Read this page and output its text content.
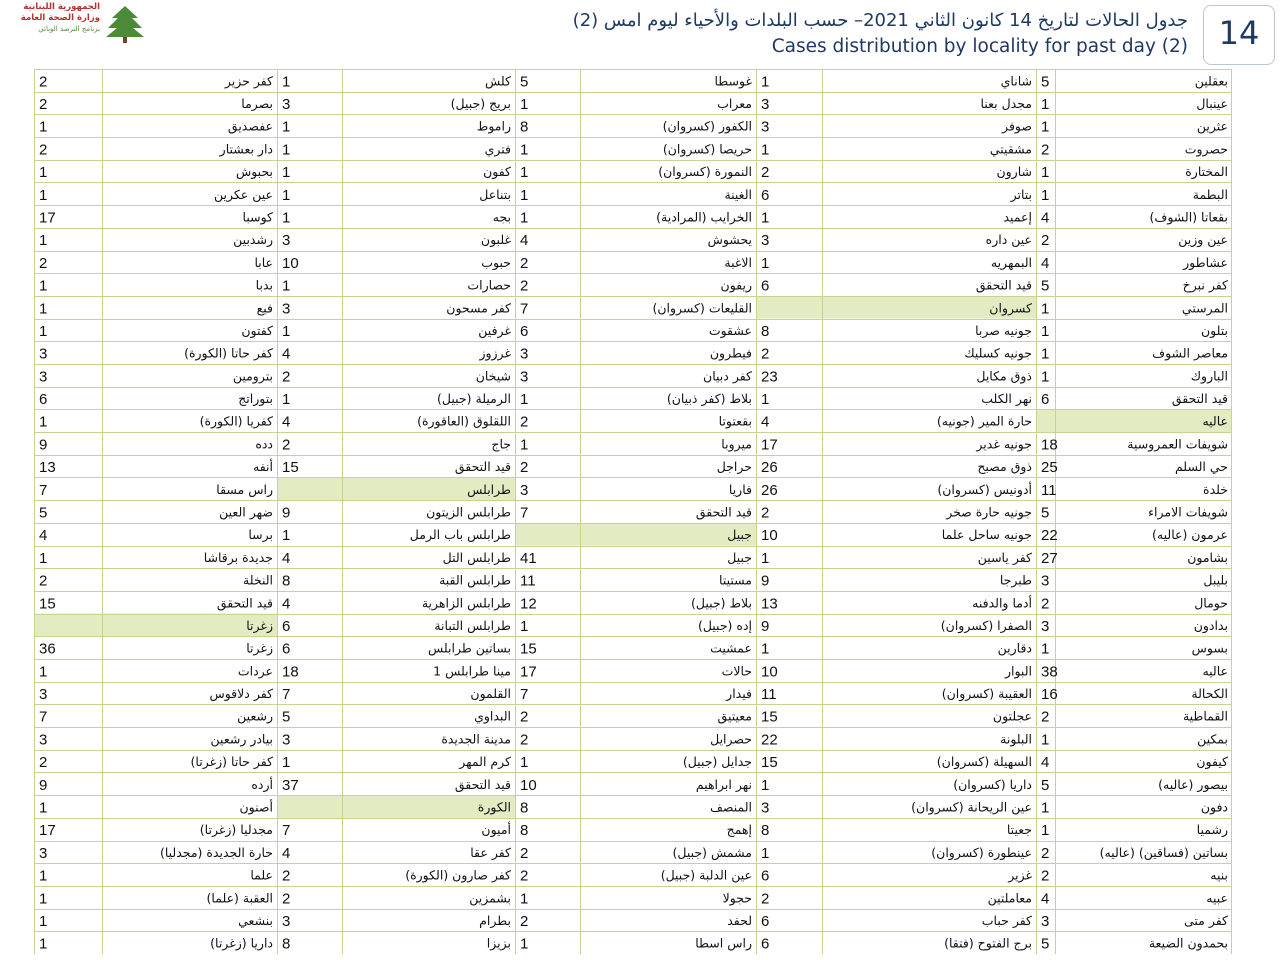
الجمهورية اللبنانية
وزارة الصحة العامة
برنامج الترصد الوبائي	جدول الحالات لتاريخ 14 كانون الثاني 2021– حسب البلدات والأحياء ليوم امس (2)
Cases distribution by locality for past day (2) 14
بعقلين
5
شاناي
1
غوسطا
5
كلش
1
كفر حزير
2
عينبال
1
مجدل بعنا
3
معراب
1
بريج (جبيل)
3
بصرما
2
عثرين
1
صوفر
3
الكفور (كسروان)
8
راموط
1
عفصديق
1
حصروت
2
مشقيتي
1
حريصا (كسروان)
1
فتري
1
دار بعشتار
2
المختارة
1
شارون
2
النمورة (كسروان)
1
كفون
1
بحبوش
1
البطمة
1
بتاتر
6
الغينة
1
بتناعل
1
عين عكرين
1
بقعاتا (الشوف)
4
إعميد
1
الخرايب (المرادية)
1
بجه
1
كوسبا
17
عين وزين
2
عين داره
3
يحشوش
4
غلبون
3
رشدبين
1
عشاطور
4
البمهريه
1
الاغبة
2
حبوب
10
عابا
2
كفر نبرخ
5
قيد التحقق
6
ريفون
2
حصارات
1
بدبا
1
المرستي
1
كسروان
القليعات (كسروان)
7
كفر مسحون
3
فيع
1
بتلون
1
جونيه صربا
8
عشقوت
6
غرفين
1
كفتون
1
معاصر الشوف
1
جونيه كسليك
2
فيطرون
3
غرزوز
4
كفر حاتا (الكورة)
3
الباروك
1
ذوق مكايل
23
كفر دبيان
3
شيخان
2
بترومين
3
قيد التحقق
6
نهر الكلب
1
بلاط (كفر ذبيان)
1
الرميلة (جبيل)
1
بتوراتج
6
عاليه
حارة المير (جونيه)
4
بقعتوتا
2
اللقلوق (العاقورة)
4
كفريا (الكورة)
1
شويفات العمروسية
18
جونيه غدير
17
ميروبا
1
جاج
2
دده
9
حي السلم
25
ذوق مصبح
26
حراجل
2
قيد التحقق
15
أنفه
13
خلدة
11
أدونيس (كسروان)
26
فاريا
3
طرابلس
راس مسقا
7
شويفات الامراء
5
جونيه حارة صخر
2
قيد التحقق
7
طرابلس الزيتون
9
ضهر العين
5
عرمون (عاليه)
22
جونيه ساحل علما
10
جبيل
طرابلس باب الرمل
1
برسا
4
بشامون
27
كفر ياسين
1
جبيل
41
طرابلس التل
4
جديدة برقاشا
1
بليبل
3
طبرجا
9
مستيتا
11
طرابلس القبة
8
النخلة
2
حومال
2
أدما والدفنه
13
بلاط (جبيل)
12
طرابلس الزاهرية
4
قيد التحقق
15
بدادون
3
الصفرا (كسروان)
9
إده (جبيل)
1
طرابلس التبانة
6
زغرتا
بسوس
1
دقارين
1
عمشيت
15
بساتين طرابلس
6
زغرتا
36
عاليه
38
البوار
10
حالات
17
مينا طرابلس 1
18
عردات
1
الكحالة
16
العقيبة (كسروان)
11
فيدار
7
القلمون
7
كفر دلاقوس
3
القماطية
2
عجلتون
15
معيتيق
2
البداوي
5
رشعين
7
بمكين
1
البلونة
22
حصرايل
2
مدينة الجديدة
3
بيادر رشعين
3
كيفون
4
السهيلة (كسروان)
15
جدايل (جبيل)
1
كرم المهر
1
كفر حاتا (زغرتا)
2
بيصور (عاليه)
5
داريا (كسروان)
1
نهر ابراهيم
10
قيد التحقق
37
أرده
9
دفون
1
عين الريحانة (كسروان)
3
المنصف
8
الكورة
أصنون
1
رشميا
1
جعيتا
8
إهمج
8
أميون
7
مجدليا (زغرتا)
17
بساتين (فساقين) (عاليه)
2
عينطورة (كسروان)
1
مشمش (جبيل)
2
كفر عقا
4
حارة الجديدة (مجدليا)
3
بنيه
2
غزير
6
عين الدلبة (جبيل)
2
كفر صارون (الكورة)
2
علما
1
عبيه
4
معاملتين
2
حجولا
1
بشمزين
2
العقبة (علما)
1
كفر متى
3
كفر حباب
6
لحفد
2
بطرام
3
بنشعي
1
بحمدون الضيعة
5
برج الفتوح (فتقا)
6
راس اسطا
1
بزيزا
8
داريا (زغرتا)
1
